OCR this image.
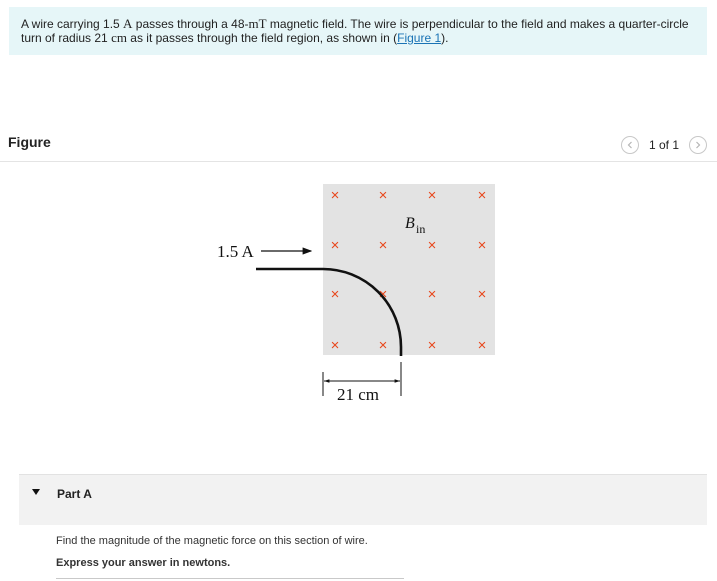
A wire carrying 1.5 A passes through a 48-mT magnetic field. The wire is perpendicular to the field and makes a quarter-circle turn of radius 21 cm as it passes through the field region, as shown in (Figure 1).
Figure	1 of 1
×	×	×	×
×	×	×	×
×	×	×	×
×	×	×	×
B in
1.5 A
21 cm
Part A
Find the magnitude of the magnetic force on this section of wire.
Express your answer in newtons.
